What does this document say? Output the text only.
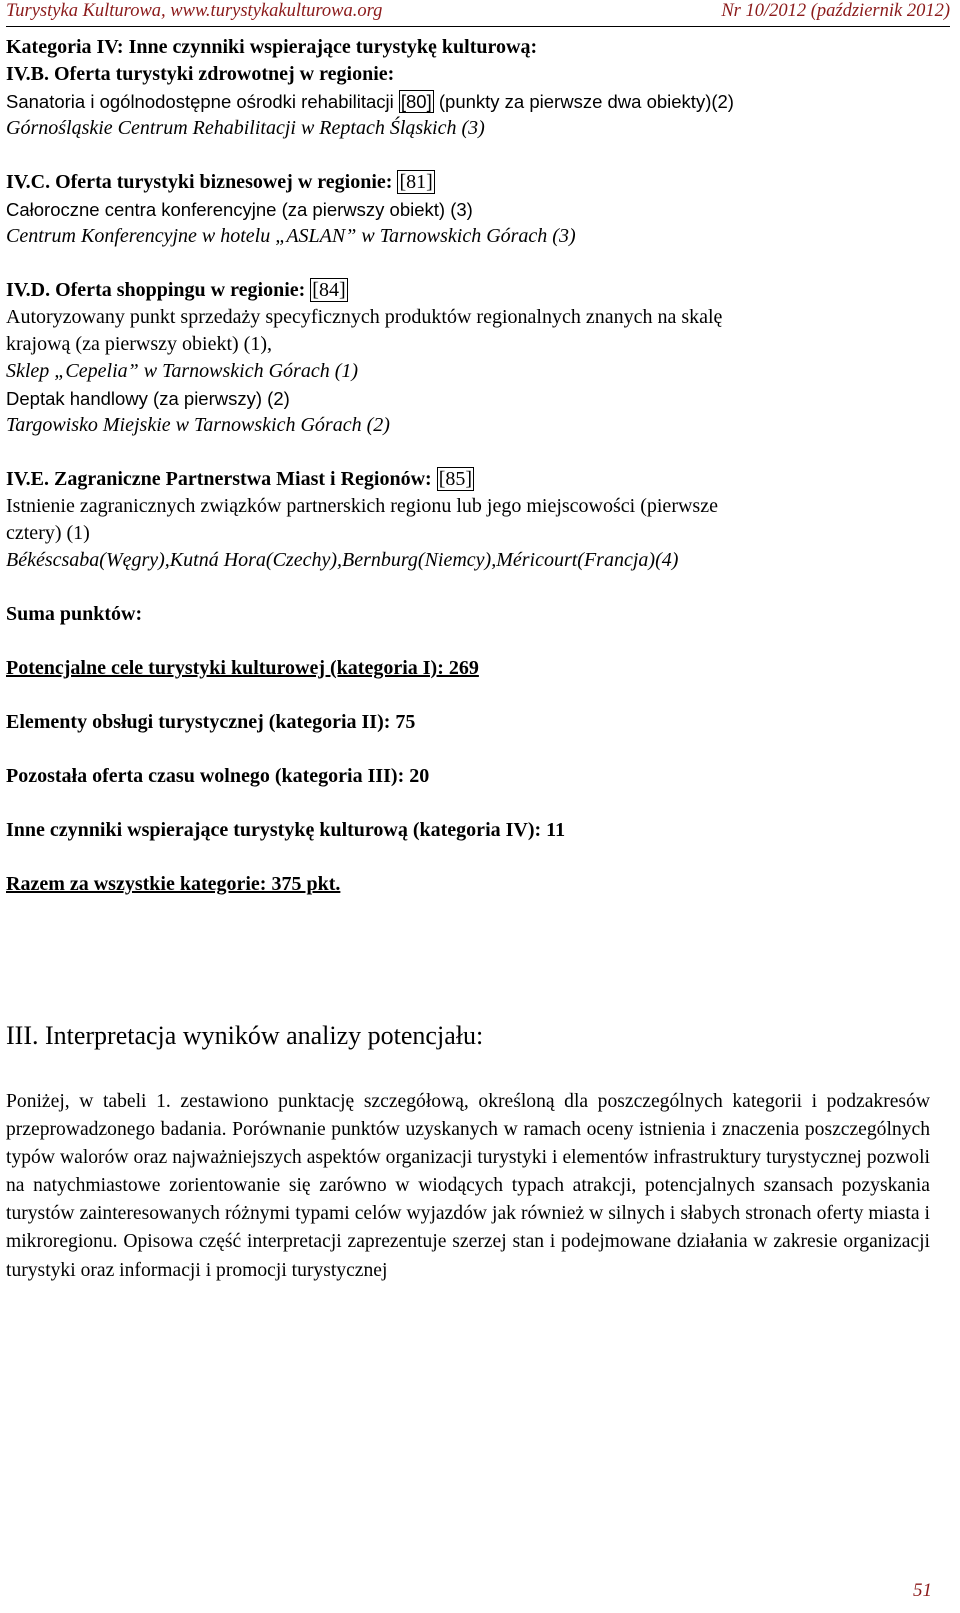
Turystyka Kulturowa, www.turystykakulturowa.org	Nr 10/2012 (październik 2012)
Kategoria IV: Inne czynniki wspierające turystykę kulturową:
IV.B. Oferta turystyki zdrowotnej w regionie:
Sanatoria i ogólnodostępne ośrodki rehabilitacji [80] (punkty za pierwsze dwa obiekty)(2)
Górnośląskie Centrum Rehabilitacji w Reptach Śląskich (3)
IV.C. Oferta turystyki biznesowej w regionie: [81]
Całoroczne centra konferencyjne (za pierwszy obiekt) (3)
Centrum Konferencyjne w hotelu „ASLAN” w Tarnowskich Górach (3)
IV.D. Oferta shoppingu w regionie: [84]
Autoryzowany punkt sprzedaży specyficznych produktów regionalnych znanych na skalę
krajową (za pierwszy obiekt) (1),
Sklep „Cepelia” w Tarnowskich Górach (1)
Deptak handlowy (za pierwszy) (2)
Targowisko Miejskie w Tarnowskich Górach (2)
IV.E. Zagraniczne Partnerstwa Miast i Regionów: [85]
Istnienie zagranicznych związków partnerskich regionu lub jego miejscowości (pierwsze
cztery) (1)
Békéscsaba(Węgry),Kutná Hora(Czechy),Bernburg(Niemcy),Méricourt(Francja)(4)
Suma punktów:
Potencjalne cele turystyki kulturowej (kategoria I): 269
Elementy obsługi turystycznej (kategoria II): 75
Pozostała oferta czasu wolnego (kategoria III): 20
Inne czynniki wspierające turystykę kulturową (kategoria IV): 11
Razem za wszystkie kategorie: 375 pkt.
III. Interpretacja wyników analizy potencjału:
Poniżej, w tabeli 1. zestawiono punktację szczegółową, określoną dla poszczególnych kategorii i podzakresów przeprowadzonego badania. Porównanie punktów uzyskanych w ramach oceny istnienia i znaczenia poszczególnych typów walorów oraz najważniejszych aspektów organizacji turystyki i elementów infrastruktury turystycznej pozwoli na natychmiastowe zorientowanie się zarówno w wiodących typach atrakcji, potencjalnych szansach pozyskania turystów zainteresowanych różnymi typami celów wyjazdów jak również w silnych i słabych stronach oferty miasta i mikroregionu. Opisowa część interpretacji zaprezentuje szerzej stan i podejmowane działania w zakresie organizacji turystyki oraz informacji i promocji turystycznej
51
